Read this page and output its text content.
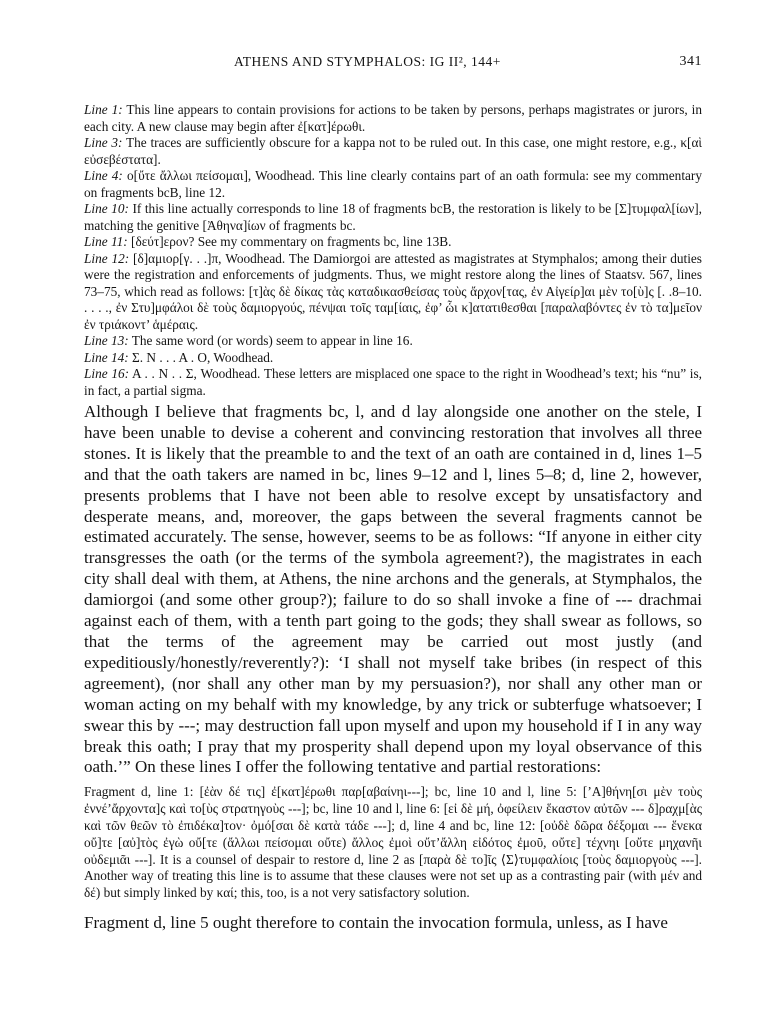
ATHENS AND STYMPHALOS: IG II², 144+	341

Line 1: This line appears to contain provisions for actions to be taken by persons, perhaps magistrates or jurors, in each city. A new clause may begin after ἐ[κατ]έρωθι.

Line 3: The traces are sufficiently obscure for a kappa not to be ruled out. In this case, one might restore, e.g., κ[αὶ εὐσεβέστατα].

Line 4: o[ὔτε ἄλλωι πείσομαι], Woodhead. This line clearly contains part of an oath formula: see my commentary on fragments bcB, line 12.

Line 10: If this line actually corresponds to line 18 of fragments bcB, the restoration is likely to be [Σ]τυμφαλ[ίων], matching the genitive [Ἀθηνα]ίων of fragments bc.

Line 11: [δεύτ]ερον? See my commentary on fragments bc, line 13B.

Line 12: [δ]αμιορ[γ. . .]π, Woodhead. The Damiorgoi are attested as magistrates at Stymphalos; among their duties were the registration and enforcements of judgments. Thus, we might restore along the lines of Staatsv. 567, lines 73–75, which read as follows: [τ]ὰς δὲ δίκας τὰς καταδικασθείσας τοὺς ἄρχον[τας, ἐν Αἰγείρ]αι μὲν το[ὺ]ς [. .8–10. . . . ., ἐν Στυ]μφάλοι δὲ τοὺς δαμιοργούς, πένψαι τοῖς ταμ[ίαις, ἐφ’ ὧι κ]ατατιθεσθαι [παραλαβόντες ἐν τὸ τα]μεῖον ἐν τριάκοντ’ ἁμέραις.

Line 13: The same word (or words) seem to appear in line 16.

Line 14: Σ. N . . . A . O, Woodhead.

Line 16: A . . N . . Σ, Woodhead. These letters are misplaced one space to the right in Woodhead’s text; his “nu” is, in fact, a partial sigma.

Although I believe that fragments bc, l, and d lay alongside one another on the stele, I have been unable to devise a coherent and convincing restoration that involves all three stones. It is likely that the preamble to and the text of an oath are contained in d, lines 1–5 and that the oath takers are named in bc, lines 9–12 and l, lines 5–8; d, line 2, however, presents problems that I have not been able to resolve except by unsatisfactory and desperate means, and, moreover, the gaps between the several fragments cannot be estimated accurately. The sense, however, seems to be as follows: “If anyone in either city transgresses the oath (or the terms of the symbola agreement?), the magistrates in each city shall deal with them, at Athens, the nine archons and the generals, at Stymphalos, the damiorgoi (and some other group?); failure to do so shall invoke a fine of --- drachmai against each of them, with a tenth part going to the gods; they shall swear as follows, so that the terms of the agreement may be carried out most justly (and expeditiously/honestly/reverently?): ‘I shall not myself take bribes (in respect of this agreement), (nor shall any other man by my persuasion?), nor shall any other man or woman acting on my behalf with my knowledge, by any trick or subterfuge whatsoever; I swear this by ---; may destruction fall upon myself and upon my household if I in any way break this oath; I pray that my prosperity shall depend upon my loyal observance of this oath.’” On these lines I offer the following tentative and partial restorations:

Fragment d, line 1: [ἐὰν δέ τις] ἐ[κατ]έρωθι παρ[αβαίνηι---]; bc, line 10 and l, line 5: [’A]θήνη[σι μὲν τοὺς ἐννέ’ἄρχοντα]ς καὶ το[ὺς στρατηγοὺς ---]; bc, line 10 and l, line 6: [εἰ δὲ μή, ὀφείλειν ἕκαστον αὐτῶν --- δ]ραχμ[ὰς καὶ τῶν θεῶν τὸ ἐπιδέκα]τον· ὀμό[σαι δὲ κατὰ τάδε ---]; d, line 4 and bc, line 12: [οὐδὲ δῶρα δέξομαι --- ἕνεκα οὔ]τε [αὐ]τὸς ἐγὼ οὔ[τε (ἄλλωι πείσομαι οὔτε) ἄλλος ἐμοὶ οὔτ’ἄλλη εἰδότος ἐμοῦ, οὔτε] τέχνηι [οὔτε μηχανῆι οὐδεμιᾶι ---]. It is a counsel of despair to restore d, line 2 as [παρὰ δὲ το]ῖς ⟨Σ⟩τυμφαλίοις [τοὺς δαμιοργοὺς ---]. Another way of treating this line is to assume that these clauses were not set up as a contrasting pair (with μέν and δέ) but simply linked by καί; this, too, is a not very satisfactory solution.

Fragment d, line 5 ought therefore to contain the invocation formula, unless, as I have
